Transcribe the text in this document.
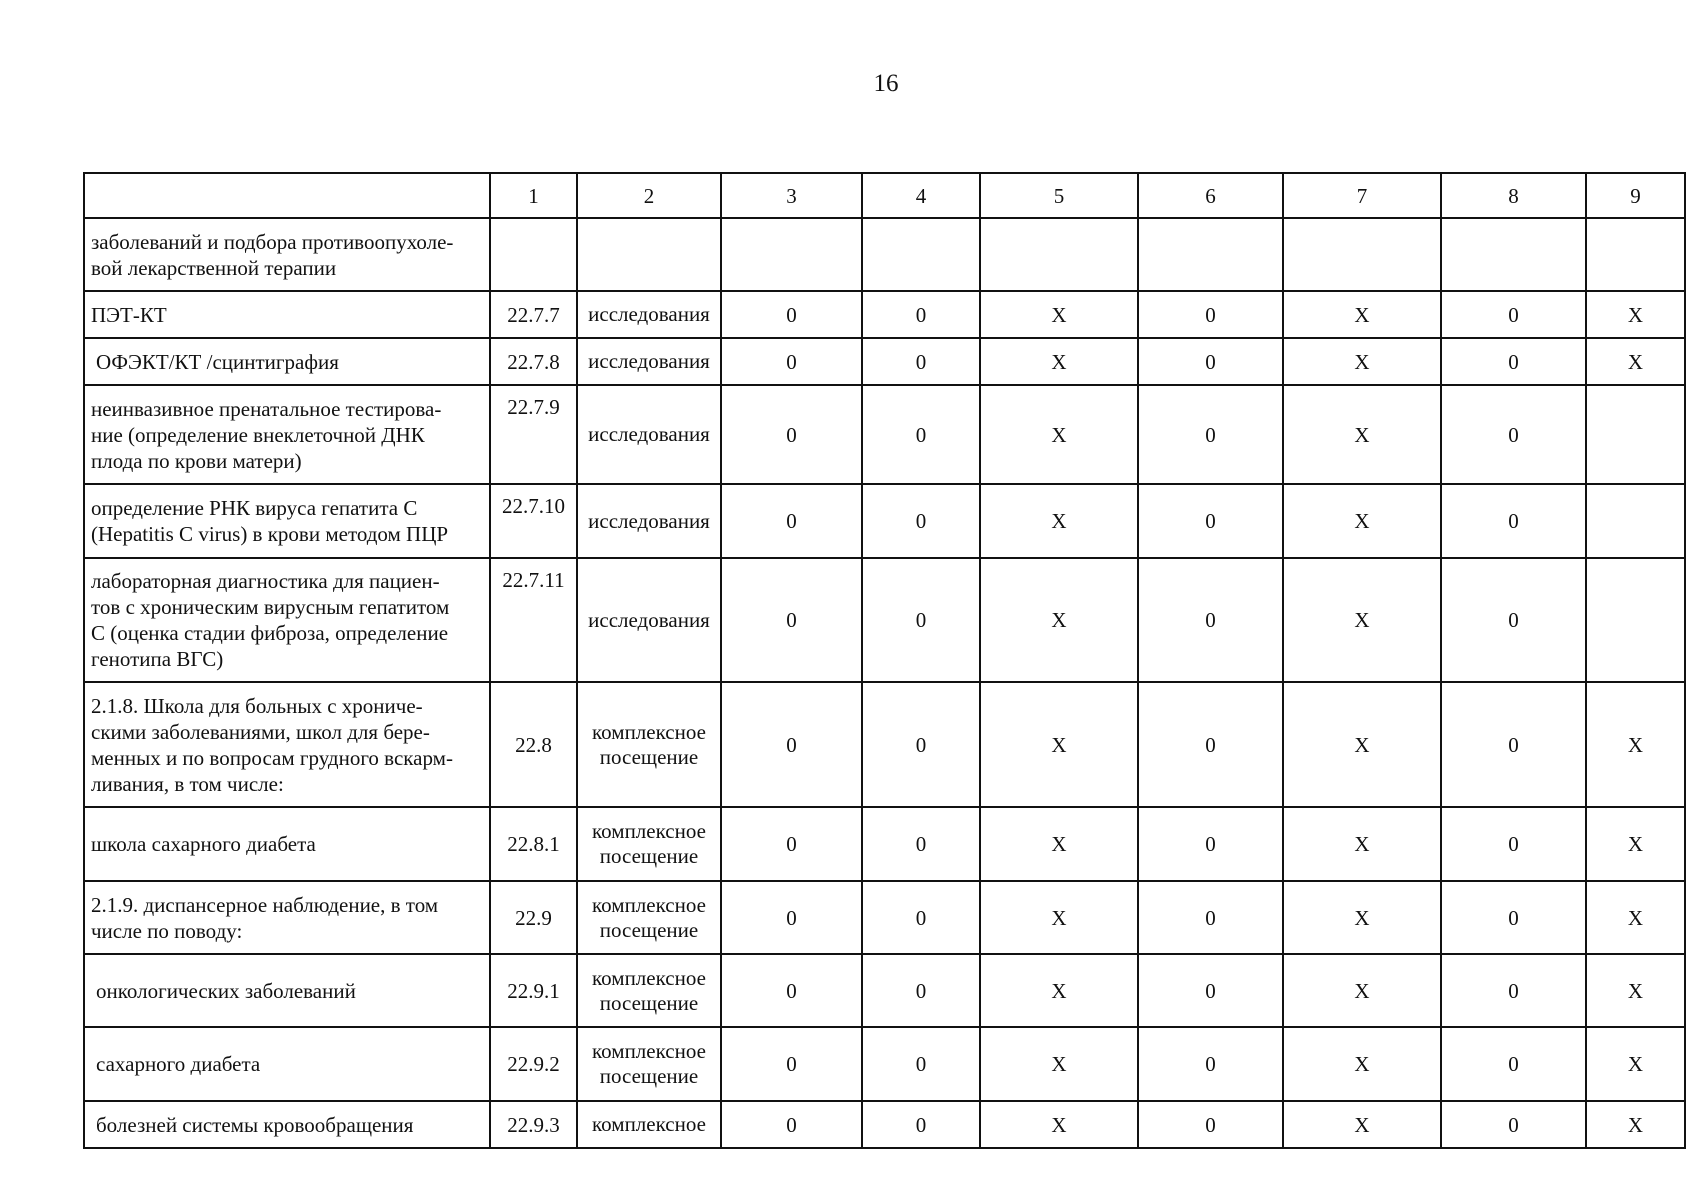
16
	1	2	3	4	5	6	7	8	9
заболеваний и подбора противоопухоле-
вой лекарственной терапии									
ПЭТ-КТ	22.7.7	исследования	0	0	X	0	X	0	X
ОФЭКТ/КТ /сцинтиграфия	22.7.8	исследования	0	0	X	0	X	0	X
неинвазивное пренатальное тестирова-
ние (определение внеклеточной ДНК
плода по крови матери)	22.7.9	исследования	0	0	X	0	X	0	
определение РНК вируса гепатита С
(Hepatitis C virus) в крови методом ПЦР	22.7.10	исследования	0	0	X	0	X	0	
лабораторная диагностика для пациен-
тов с хроническим вирусным гепатитом
С (оценка стадии фиброза, определение
генотипа ВГС)	22.7.11	исследования	0	0	X	0	X	0	
2.1.8. Школа для больных с хрониче-
скими заболеваниями, школ для бере-
менных и по вопросам грудного вскарм-
ливания, в том числе:	22.8	комплексное
посещение	0	0	X	0	X	0	X
школа сахарного диабета	22.8.1	комплексное
посещение	0	0	X	0	X	0	X
2.1.9. диспансерное наблюдение, в том
числе по поводу:	22.9	комплексное
посещение	0	0	X	0	X	0	X
онкологических заболеваний	22.9.1	комплексное
посещение	0	0	X	0	X	0	X
сахарного диабета	22.9.2	комплексное
посещение	0	0	X	0	X	0	X
болезней системы кровообращения	22.9.3	комплексное	0	0	X	0	X	0	X
